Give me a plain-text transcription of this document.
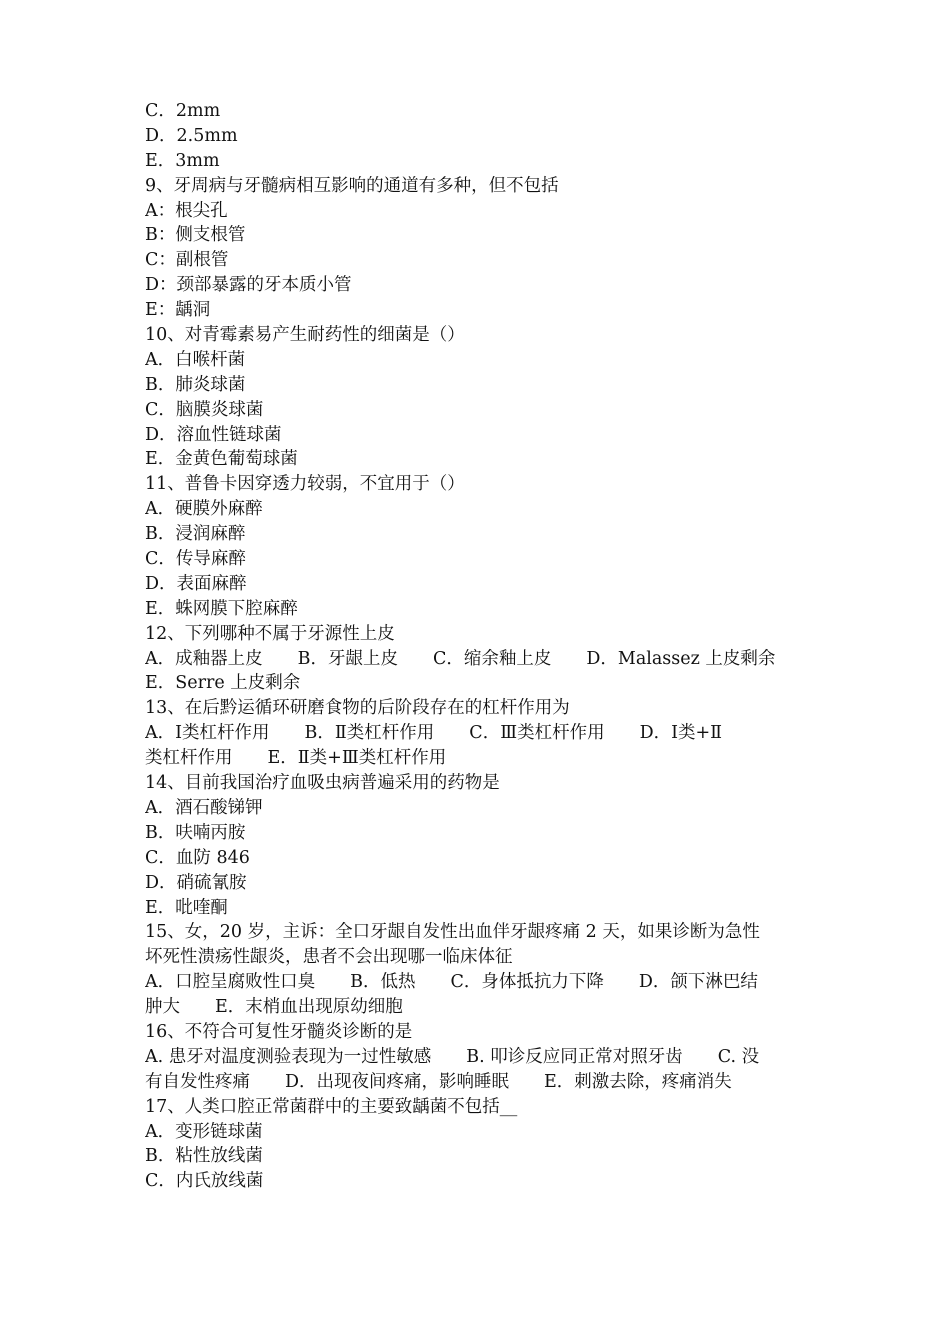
C．2mm
D．2.5mm
E．3mm
9、牙周病与牙髓病相互影响的通道有多种，但不包括
A：根尖孔
B：侧支根管
C：副根管
D：颈部暴露的牙本质小管
E：龋洞
10、对青霉素易产生耐药性的细菌是（）
A．白喉杆菌
B．肺炎球菌
C．脑膜炎球菌
D．溶血性链球菌
E．金黄色葡萄球菌
11、普鲁卡因穿透力较弱，不宜用于（）
A．硬膜外麻醉
B．浸润麻醉
C．传导麻醉
D．表面麻醉
E．蛛网膜下腔麻醉
12、下列哪种不属于牙源性上皮
A．成釉器上皮　　B．牙龈上皮　　C．缩余釉上皮　　D．Malassez 上皮剩余
E．Serre 上皮剩余
13、在后黔运循环研磨食物的后阶段存在的杠杆作用为
A．Ⅰ类杠杆作用　　B．Ⅱ类杠杆作用　　C．Ⅲ类杠杆作用　　D．Ⅰ类+Ⅱ
类杠杆作用　　E．Ⅱ类+Ⅲ类杠杆作用
14、目前我国治疗血吸虫病普遍采用的药物是
A．酒石酸锑钾
B．呋喃丙胺
C．血防 846
D．硝硫氰胺
E．吡喹酮
15、女，20 岁，主诉：全口牙龈自发性出血伴牙龈疼痛 2 天，如果诊断为急性
坏死性溃疡性龈炎，患者不会出现哪一临床体征
A．口腔呈腐败性口臭　　B．低热　　C．身体抵抗力下降　　D．颌下淋巴结
肿大　　E．末梢血出现原幼细胞
16、不符合可复性牙髓炎诊断的是
A. 患牙对温度测验表现为一过性敏感　　B. 叩诊反应同正常对照牙齿　　C. 没
有自发性疼痛　　D．出现夜间疼痛，影响睡眠　　E．刺激去除，疼痛消失
17、人类口腔正常菌群中的主要致龋菌不包括__
A．变形链球菌
B．粘性放线菌
C．内氏放线菌
